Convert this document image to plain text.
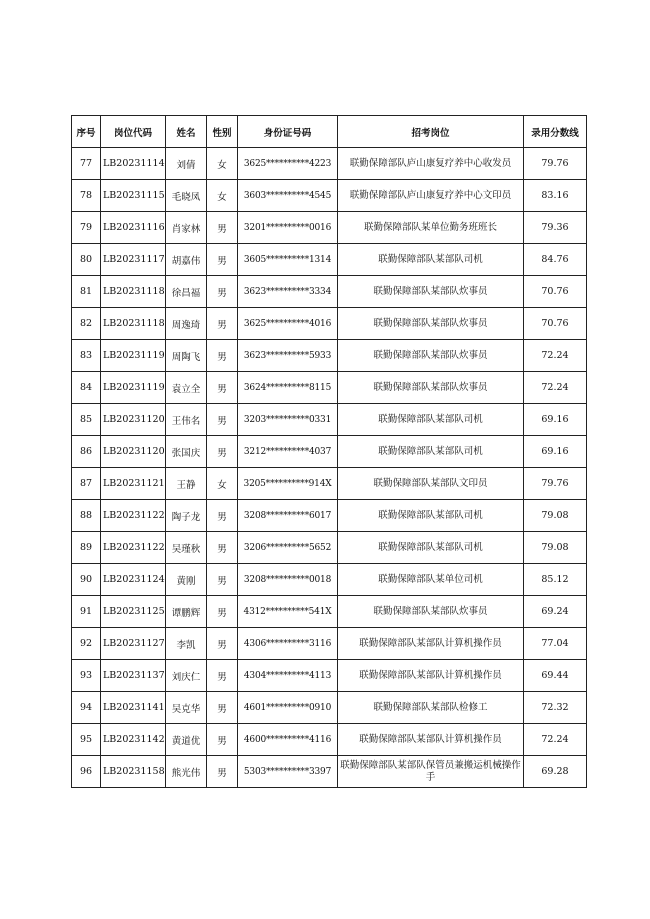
序号	岗位代码	姓名	性别	身份证号码	招考岗位	录用分数线
77	LB20231114	刘倩	女	3625**********4223	联勤保障部队庐山康复疗养中心收发员	79.76
78	LB20231115	毛晓凤	女	3603**********4545	联勤保障部队庐山康复疗养中心文印员	83.16
79	LB20231116	肖家林	男	3201**********0016	联勤保障部队某单位勤务班班长	79.36
80	LB20231117	胡嘉伟	男	3605**********1314	联勤保障部队某部队司机	84.76
81	LB20231118	徐昌福	男	3623**********3334	联勤保障部队某部队炊事员	70.76
82	LB20231118	周逸琦	男	3625**********4016	联勤保障部队某部队炊事员	70.76
83	LB20231119	周陶飞	男	3623**********5933	联勤保障部队某部队炊事员	72.24
84	LB20231119	袁立全	男	3624**********8115	联勤保障部队某部队炊事员	72.24
85	LB20231120	王伟名	男	3203**********0331	联勤保障部队某部队司机	69.16
86	LB20231120	张国庆	男	3212**********4037	联勤保障部队某部队司机	69.16
87	LB20231121	王静	女	3205**********914X	联勤保障部队某部队文印员	79.76
88	LB20231122	陶子龙	男	3208**********6017	联勤保障部队某部队司机	79.08
89	LB20231122	吴瑾秋	男	3206**********5652	联勤保障部队某部队司机	79.08
90	LB20231124	黄刚	男	3208**********0018	联勤保障部队某单位司机	85.12
91	LB20231125	谭鹏辉	男	4312**********541X	联勤保障部队某部队炊事员	69.24
92	LB20231127	李凯	男	4306**********3116	联勤保障部队某部队计算机操作员	77.04
93	LB20231137	刘庆仁	男	4304**********4113	联勤保障部队某部队计算机操作员	69.44
94	LB20231141	吴克华	男	4601**********0910	联勤保障部队某部队检修工	72.32
95	LB20231142	黄道优	男	4600**********4116	联勤保障部队某部队计算机操作员	72.24
96	LB20231158	熊光伟	男	5303**********3397	联勤保障部队某部队保管员兼搬运机械操作手	69.28
